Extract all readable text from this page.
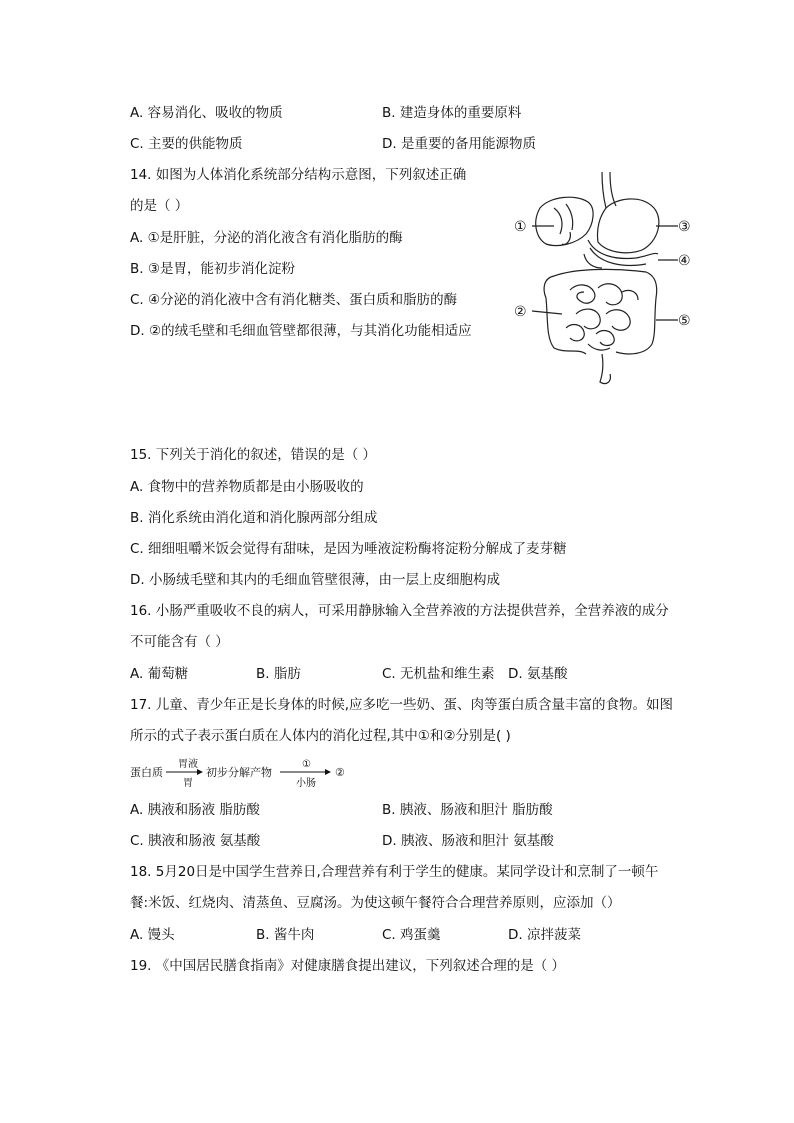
A. 容易消化、吸收的物质	B. 建造身体的重要原料
C. 主要的供能物质	D. 是重要的备用能源物质
14. 如图为人体消化系统部分结构示意图，下列叙述正确
的是（ ）
A. ①是肝脏，分泌的消化液含有消化脂肪的酶
B. ③是胃，能初步消化淀粉
C. ④分泌的消化液中含有消化糖类、蛋白质和脂肪的酶
D. ②的绒毛壁和毛细血管壁都很薄，与其消化功能相适应
①	③
④
②
⑤
15. 下列关于消化的叙述，错误的是（ ）
A. 食物中的营养物质都是由小肠吸收的
B. 消化系统由消化道和消化腺两部分组成
C. 细细咀嚼米饭会觉得有甜味，是因为唾液淀粉酶将淀粉分解成了麦芽糖
D. 小肠绒毛壁和其内的毛细血管壁很薄，由一层上皮细胞构成
16. 小肠严重吸收不良的病人，可采用静脉输入全营养液的方法提供营养，全营养液的成分
不可能含有（ ）
A. 葡萄糖	B. 脂肪	C. 无机盐和维生素 D. 氨基酸
17. 儿童、青少年正是长身体的时候,应多吃一些奶、蛋、肉等蛋白质含量丰富的食物。如图
所示的式子表示蛋白质在人体内的消化过程,其中①和②分别是( )
蛋白质
胃液
胃
初步分解产物
①
小肠
②
A. 胰液和肠液 脂肪酸	B. 胰液、肠液和胆汁 脂肪酸
C. 胰液和肠液 氨基酸	D. 胰液、肠液和胆汁 氨基酸
18. 5月20日是中国学生营养日,合理营养有利于学生的健康。某同学设计和烹制了一顿午
餐:米饭、红烧肉、清蒸鱼、豆腐汤。为使这顿午餐符合合理营养原则，应添加（）
A. 馒头	B. 酱牛肉	C. 鸡蛋羹	D. 凉拌菠菜
19. 《中国居民膳食指南》对健康膳食提出建议，下列叙述合理的是（ ）
